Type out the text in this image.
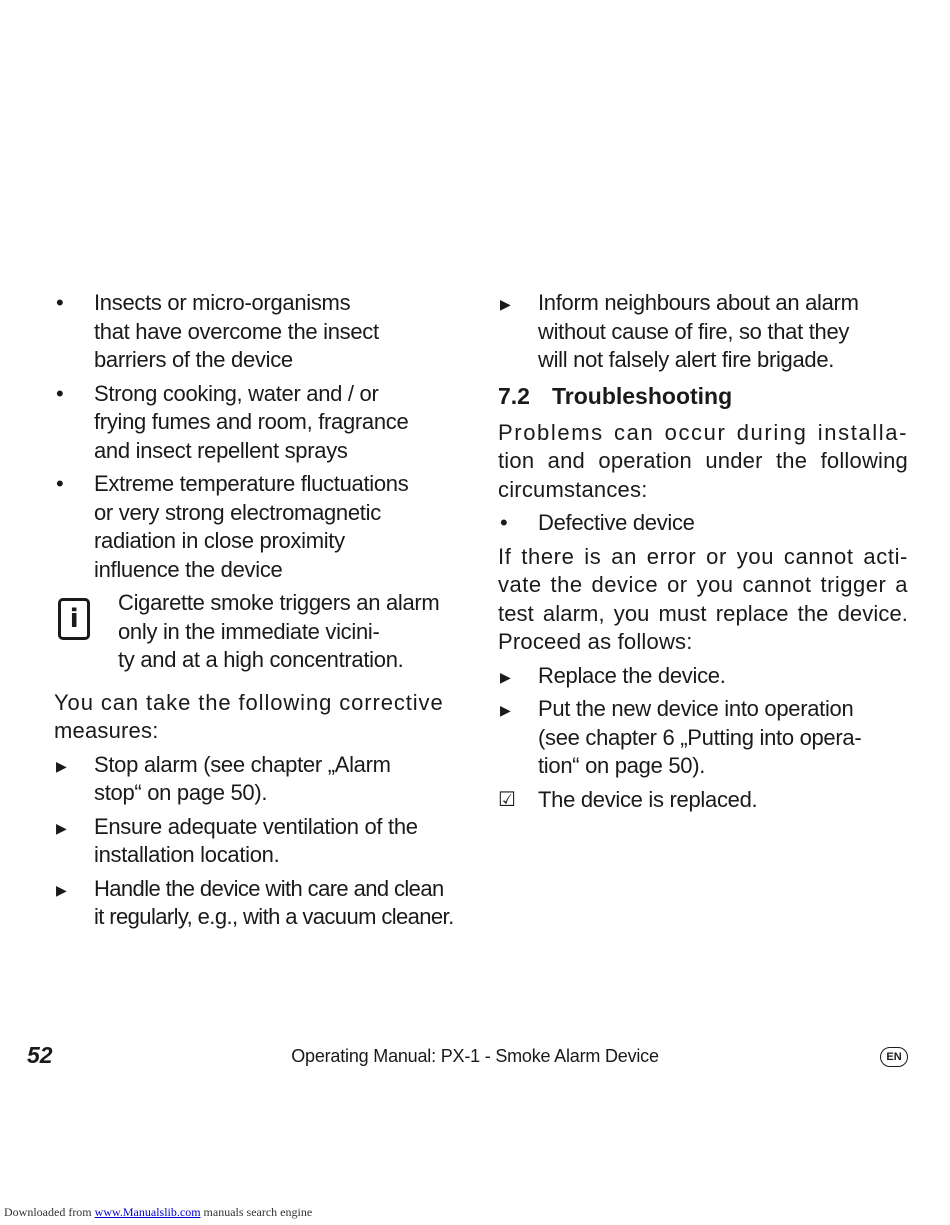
•	Insects or micro-organisms
that have overcome the insect
barriers of the device
•	Strong cooking, water and / or
frying fumes and room, fragrance
and insect repellent sprays
•	Extreme temperature fluctuations
or very strong electromagnetic
radiation in close proximity
influence the device
i
Cigarette smoke triggers an alarm
only in the immediate vicini-
ty and at a high concentration.
You can take the following corrective
measures:
▶	Stop alarm (see chapter „Alarm
stop“ on page 50).
▶	Ensure adequate ventilation of the
installation location.
▶	Handle the device with care and clean
it regularly, e.g., with a vacuum cleaner.
▶	Inform neighbours about an alarm
without cause of fire, so that they
will not falsely alert fire brigade.
7.2 Troubleshooting
Problems can occur during installa-
tion and operation under the following
circumstances:
•	Defective device
If there is an error or you cannot acti-
vate the device or you cannot trigger a
test alarm, you must replace the device.
Proceed as follows:
▶	Replace the device.
▶	Put the new device into operation
(see chapter 6 „Putting into opera-
tion“ on page 50).
☑	The device is replaced.
52	Operating Manual: PX-1 - Smoke Alarm Device	EN
Downloaded from www.Manualslib.com manuals search engine
